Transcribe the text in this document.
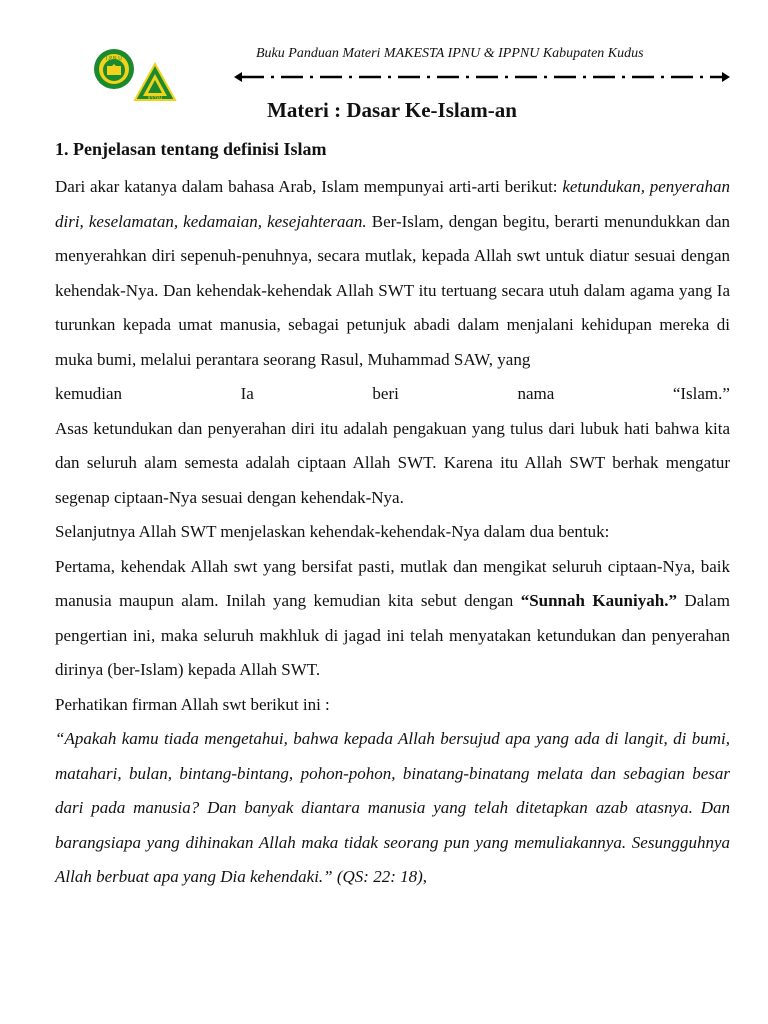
I.P.N.U
IPPNU
Buku Panduan Materi MAKESTA IPNU & IPPNU Kabupaten Kudus
Materi : Dasar Ke-Islam-an
1. Penjelasan tentang definisi Islam

Dari akar katanya dalam bahasa Arab, Islam mempunyai arti-arti berikut: ketundukan, penyerahan diri, keselamatan, kedamaian, kesejahteraan. Ber-Islam, dengan begitu, berarti menundukkan dan menyerahkan diri sepenuh-penuhnya, secara mutlak, kepada Allah swt untuk diatur sesuai dengan kehendak-Nya. Dan kehendak-kehendak Allah SWT itu tertuang secara utuh dalam agama yang Ia turunkan kepada umat manusia, sebagai petunjuk abadi dalam menjalani kehidupan mereka di muka bumi, melalui perantara seorang Rasul, Muhammad SAW, yang

kemudian	Ia	beri	nama	“Islam.”

Asas ketundukan dan penyerahan diri itu adalah pengakuan yang tulus dari lubuk hati bahwa kita dan seluruh alam semesta adalah ciptaan Allah SWT. Karena itu Allah SWT berhak mengatur segenap ciptaan-Nya sesuai dengan kehendak-Nya.

Selanjutnya Allah SWT menjelaskan kehendak-kehendak-Nya dalam dua bentuk:

Pertama, kehendak Allah swt yang bersifat pasti, mutlak dan mengikat seluruh ciptaan-Nya, baik manusia maupun alam. Inilah yang kemudian kita sebut dengan “Sunnah Kauniyah.” Dalam pengertian ini, maka seluruh makhluk di jagad ini telah menyatakan ketundukan dan penyerahan dirinya (ber-Islam) kepada Allah SWT.

Perhatikan firman Allah swt berikut ini :

“Apakah kamu tiada mengetahui, bahwa kepada Allah bersujud apa yang ada di langit, di bumi, matahari, bulan, bintang-bintang, pohon-pohon, binatang-binatang melata dan sebagian besar dari pada manusia? Dan banyak diantara manusia yang telah ditetapkan azab atasnya. Dan barangsiapa yang dihinakan Allah maka tidak seorang pun yang memuliakannya. Sesungguhnya Allah berbuat apa yang Dia kehendaki.” (QS: 22: 18),
